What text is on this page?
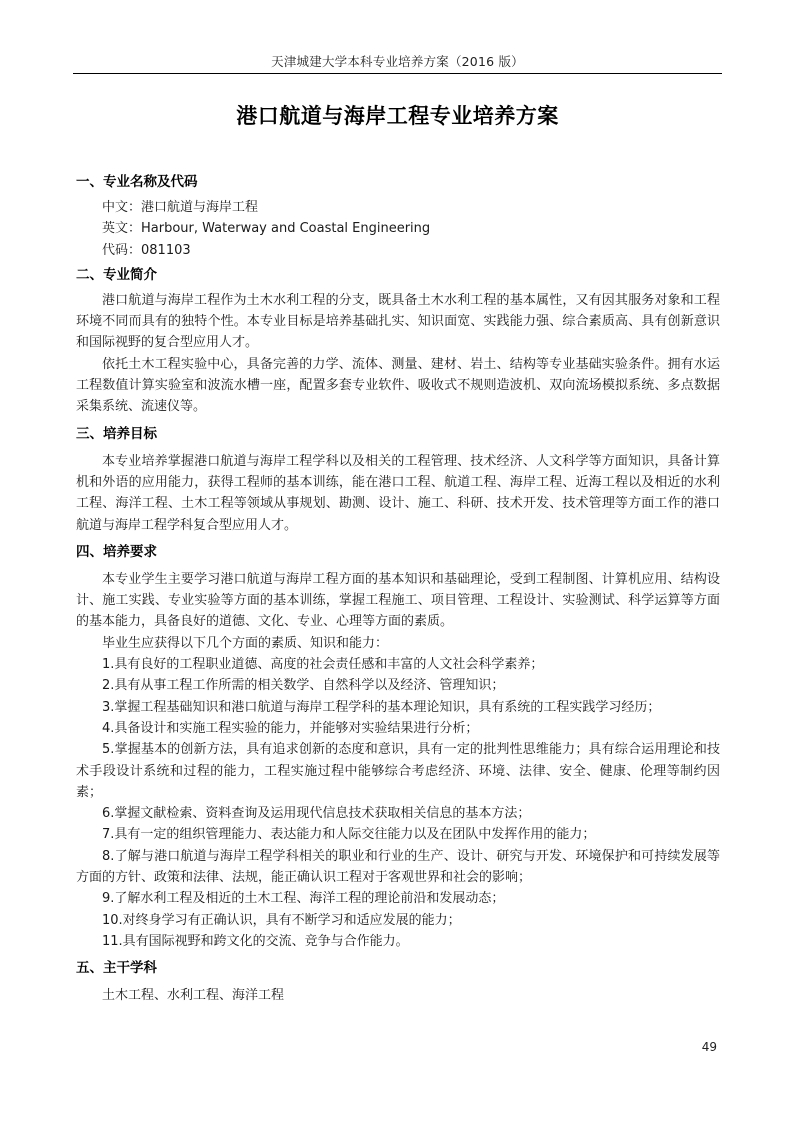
天津城建大学本科专业培养方案（2016 版）
港口航道与海岸工程专业培养方案
一、专业名称及代码

中文：港口航道与海岸工程

英文：Harbour, Waterway and Coastal Engineering

代码：081103

二、专业简介

港口航道与海岸工程作为土木水利工程的分支，既具备土木水利工程的基本属性，又有因其服务对象和工程环境不同而具有的独特个性。本专业目标是培养基础扎实、知识面宽、实践能力强、综合素质高、具有创新意识和国际视野的复合型应用人才。

依托土木工程实验中心，具备完善的力学、流体、测量、建材、岩土、结构等专业基础实验条件。拥有水运工程数值计算实验室和波流水槽一座，配置多套专业软件、吸收式不规则造波机、双向流场模拟系统、多点数据采集系统、流速仪等。

三、培养目标

本专业培养掌握港口航道与海岸工程学科以及相关的工程管理、技术经济、人文科学等方面知识，具备计算机和外语的应用能力，获得工程师的基本训练，能在港口工程、航道工程、海岸工程、近海工程以及相近的水利工程、海洋工程、土木工程等领域从事规划、勘测、设计、施工、科研、技术开发、技术管理等方面工作的港口航道与海岸工程学科复合型应用人才。

四、培养要求

本专业学生主要学习港口航道与海岸工程方面的基本知识和基础理论，受到工程制图、计算机应用、结构设计、施工实践、专业实验等方面的基本训练，掌握工程施工、项目管理、工程设计、实验测试、科学运算等方面的基本能力，具备良好的道德、文化、专业、心理等方面的素质。

毕业生应获得以下几个方面的素质、知识和能力：

1.具有良好的工程职业道德、高度的社会责任感和丰富的人文社会科学素养；

2.具有从事工程工作所需的相关数学、自然科学以及经济、管理知识；

3.掌握工程基础知识和港口航道与海岸工程学科的基本理论知识，具有系统的工程实践学习经历；

4.具备设计和实施工程实验的能力，并能够对实验结果进行分析；

5.掌握基本的创新方法，具有追求创新的态度和意识，具有一定的批判性思维能力；具有综合运用理论和技术手段设计系统和过程的能力，工程实施过程中能够综合考虑经济、环境、法律、安全、健康、伦理等制约因素；

6.掌握文献检索、资料查询及运用现代信息技术获取相关信息的基本方法；

7.具有一定的组织管理能力、表达能力和人际交往能力以及在团队中发挥作用的能力；

8.了解与港口航道与海岸工程学科相关的职业和行业的生产、设计、研究与开发、环境保护和可持续发展等方面的方针、政策和法律、法规，能正确认识工程对于客观世界和社会的影响；

9.了解水利工程及相近的土木工程、海洋工程的理论前沿和发展动态；

10.对终身学习有正确认识，具有不断学习和适应发展的能力；

11.具有国际视野和跨文化的交流、竞争与合作能力。

五、主干学科

土木工程、水利工程、海洋工程

49
